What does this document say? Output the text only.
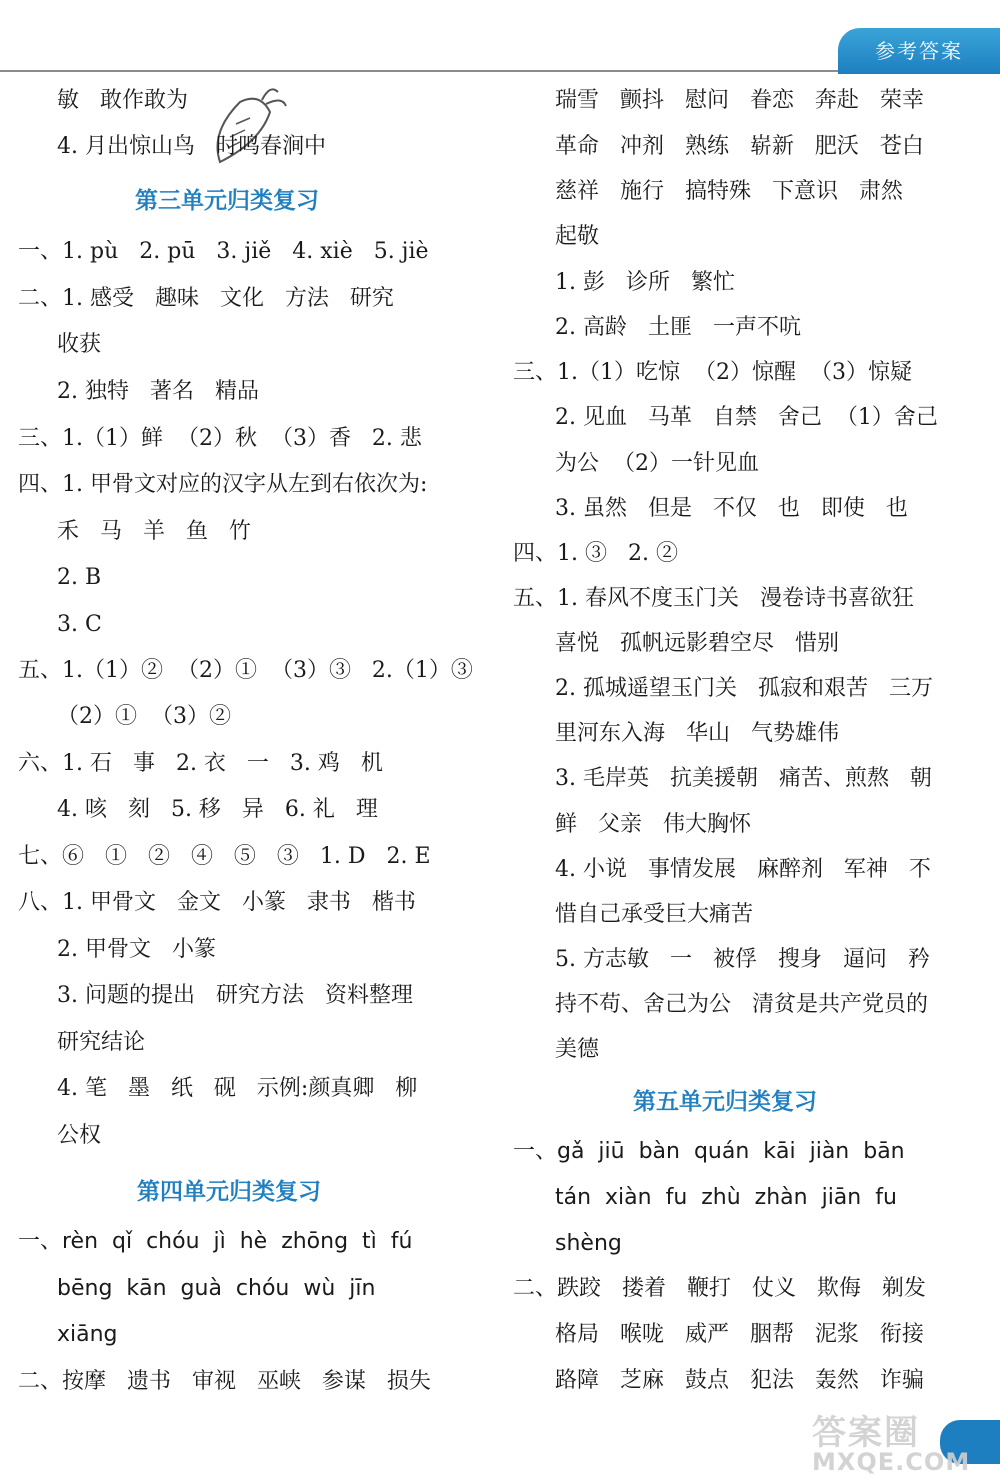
参考答案
敏   敢作敢为
4. 月出惊山鸟   时鸣春涧中
第三单元归类复习
一、1. pù   2. pū   3. jiě   4. xiè   5. jiè
二、1. 感受   趣味   文化   方法   研究
收获
2. 独特   著名   精品
三、1.（1）鲜  （2）秋  （3）香   2. 悲
四、1. 甲骨文对应的汉字从左到右依次为:
禾   马   羊   鱼   竹
2. B
3. C
五、1.（1）②  （2）①  （3）③   2.（1）③
（2）①  （3）②
六、1. 石   事   2. 衣   一   3. 鸡   机
4. 咳   刻   5. 移   异   6. 礼   理
七、⑥   ①   ②   ④   ⑤   ③   1. D   2. E
八、1. 甲骨文   金文   小篆   隶书   楷书
2. 甲骨文   小篆
3. 问题的提出   研究方法   资料整理
研究结论
4. 笔   墨   纸   砚   示例:颜真卿   柳
公权
第四单元归类复习
一、rèn  qǐ  chóu  jì  hè  zhōng  tì  fú
bēng  kān  guà  chóu  wù  jīn
xiāng
二、按摩   遗书   审视   巫峡   参谋   损失
瑞雪   颤抖   慰问   眷恋   奔赴   荣幸
革命   冲剂   熟练   崭新   肥沃   苍白
慈祥   施行   搞特殊   下意识   肃然
起敬
1. 彭   诊所   繁忙
2. 高龄   土匪   一声不吭
三、1.（1）吃惊  （2）惊醒  （3）惊疑
2. 见血   马革   自禁   舍己  （1）舍己
为公  （2）一针见血
3. 虽然   但是   不仅   也   即使   也
四、1. ③   2. ②
五、1. 春风不度玉门关   漫卷诗书喜欲狂
喜悦   孤帆远影碧空尽   惜别
2. 孤城遥望玉门关   孤寂和艰苦   三万
里河东入海   华山   气势雄伟
3. 毛岸英   抗美援朝   痛苦、煎熬   朝
鲜   父亲   伟大胸怀
4. 小说   事情发展   麻醉剂   军神   不
惜自己承受巨大痛苦
5. 方志敏   一   被俘   搜身   逼问   矜
持不苟、舍己为公   清贫是共产党员的
美德
第五单元归类复习
一、gǎ  jiū  bàn  quán  kāi  jiàn  bān
tán  xiàn  fu  zhù  zhàn  jiān  fu
shèng
二、跌跤   搂着   鞭打   仗义   欺侮   剃发
格局   喉咙   威严   胭帮   泥浆   衔接
路障   芝麻   鼓点   犯法   轰然   诈骗
答案圈
MXQE.COM
